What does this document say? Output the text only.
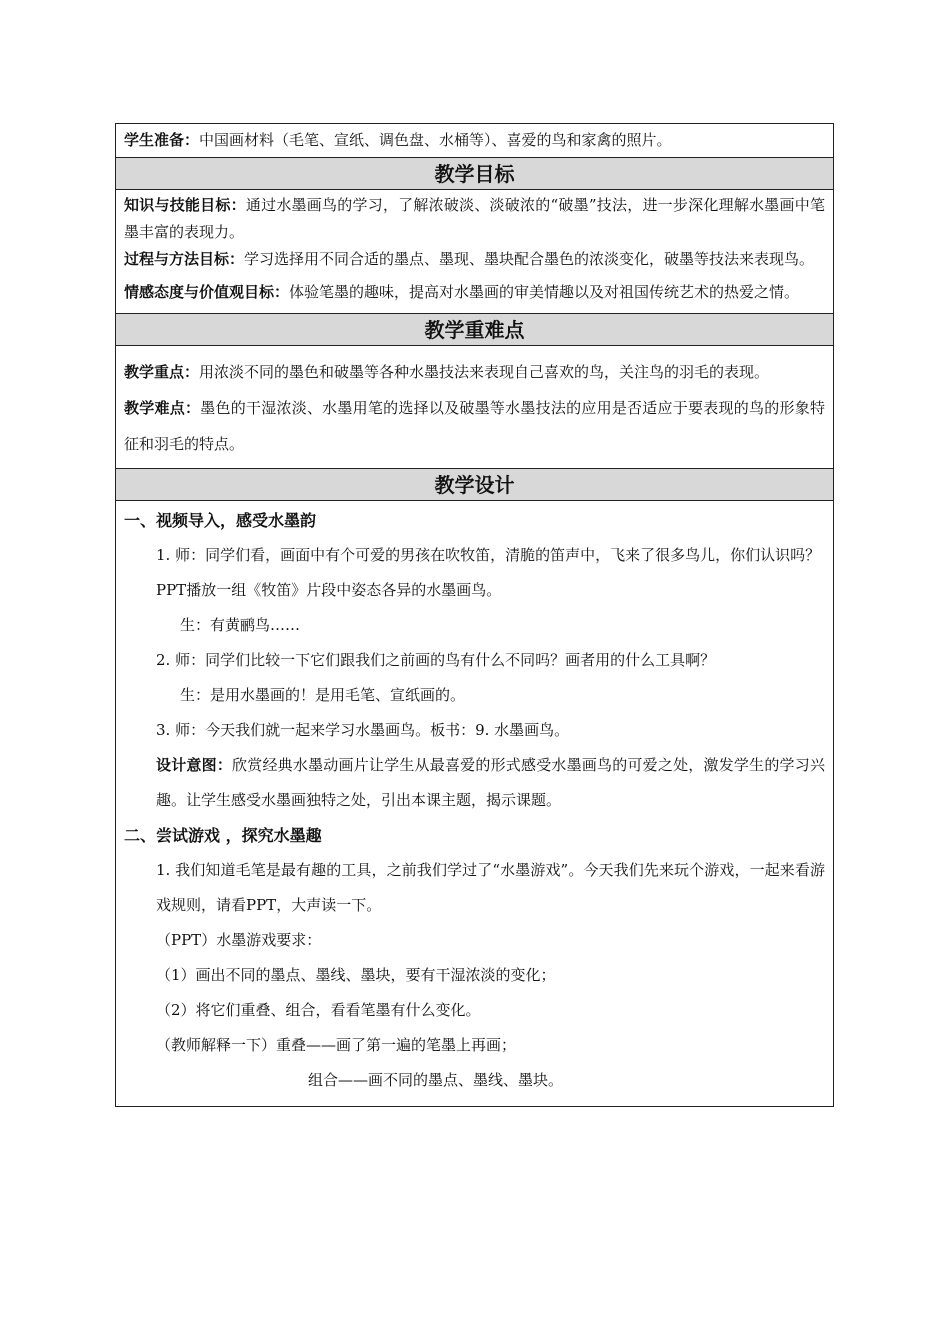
学生准备：中国画材料（毛笔、宣纸、调色盘、水桶等）、喜爱的鸟和家禽的照片。

教学目标

知识与技能目标：通过水墨画鸟的学习，了解浓破淡、淡破浓的“破墨”技法，进一步深化理解水墨画中笔墨丰富的表现力。

过程与方法目标：学习选择用不同合适的墨点、墨现、墨块配合墨色的浓淡变化，破墨等技法来表现鸟。

情感态度与价值观目标：体验笔墨的趣味，提高对水墨画的审美情趣以及对祖国传统艺术的热爱之情。

教学重难点

教学重点：用浓淡不同的墨色和破墨等各种水墨技法来表现自己喜欢的鸟，关注鸟的羽毛的表现。

教学难点：墨色的干湿浓淡、水墨用笔的选择以及破墨等水墨技法的应用是否适应于要表现的鸟的形象特征和羽毛的特点。

教学设计

一、视频导入，感受水墨韵

1. 师：同学们看，画面中有个可爱的男孩在吹牧笛，清脆的笛声中，飞来了很多鸟儿，你们认识吗？

PPT播放一组《牧笛》片段中姿态各异的水墨画鸟。

生：有黄鹂鸟……

2. 师：同学们比较一下它们跟我们之前画的鸟有什么不同吗？画者用的什么工具啊？

生：是用水墨画的！是用毛笔、宣纸画的。

3. 师：今天我们就一起来学习水墨画鸟。板书：9. 水墨画鸟。

设计意图：欣赏经典水墨动画片让学生从最喜爱的形式感受水墨画鸟的可爱之处，激发学生的学习兴趣。让学生感受水墨画独特之处，引出本课主题，揭示课题。

二、尝试游戏 ，探究水墨趣

1. 我们知道毛笔是最有趣的工具，之前我们学过了“水墨游戏”。今天我们先来玩个游戏，一起来看游戏规则，请看PPT，大声读一下。

（PPT）水墨游戏要求：

（1）画出不同的墨点、墨线、墨块，要有干湿浓淡的变化；

（2）将它们重叠、组合，看看笔墨有什么变化。

（教师解释一下）重叠——画了第一遍的笔墨上再画；

组合——画不同的墨点、墨线、墨块。
